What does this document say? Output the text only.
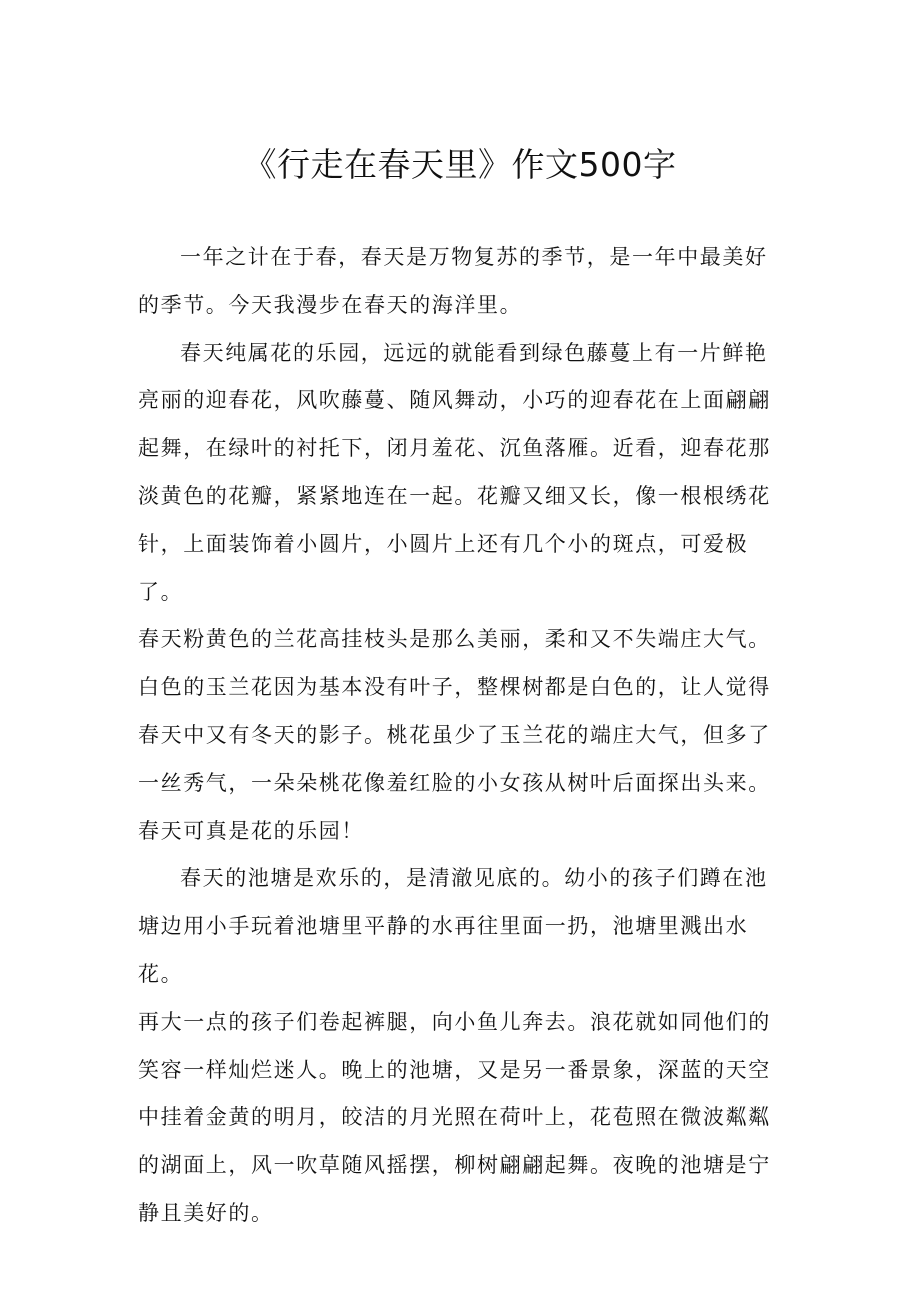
《行走在春天里》作文500字

一年之计在于春，春天是万物复苏的季节，是一年中最美好
的季节。今天我漫步在春天的海洋里。

春天纯属花的乐园，远远的就能看到绿色藤蔓上有一片鲜艳
亮丽的迎春花，风吹藤蔓、随风舞动，小巧的迎春花在上面翩翩
起舞，在绿叶的衬托下，闭月羞花、沉鱼落雁。近看，迎春花那
淡黄色的花瓣，紧紧地连在一起。花瓣又细又长，像一根根绣花
针，上面装饰着小圆片，小圆片上还有几个小的斑点，可爱极了。

春天粉黄色的兰花高挂枝头是那么美丽，柔和又不失端庄大气。

白色的玉兰花因为基本没有叶子，整棵树都是白色的，让人觉得
春天中又有冬天的影子。桃花虽少了玉兰花的端庄大气，但多了
一丝秀气，一朵朵桃花像羞红脸的小女孩从树叶后面探出头来。
春天可真是花的乐园！

春天的池塘是欢乐的，是清澈见底的。幼小的孩子们蹲在池
塘边用小手玩着池塘里平静的水再往里面一扔，池塘里溅出水花。
再大一点的孩子们卷起裤腿，向小鱼儿奔去。浪花就如同他们的
笑容一样灿烂迷人。晚上的池塘，又是另一番景象，深蓝的天空
中挂着金黄的明月，皎洁的月光照在荷叶上，花苞照在微波粼粼
的湖面上，风一吹草随风摇摆，柳树翩翩起舞。夜晚的池塘是宁
静且美好的。
